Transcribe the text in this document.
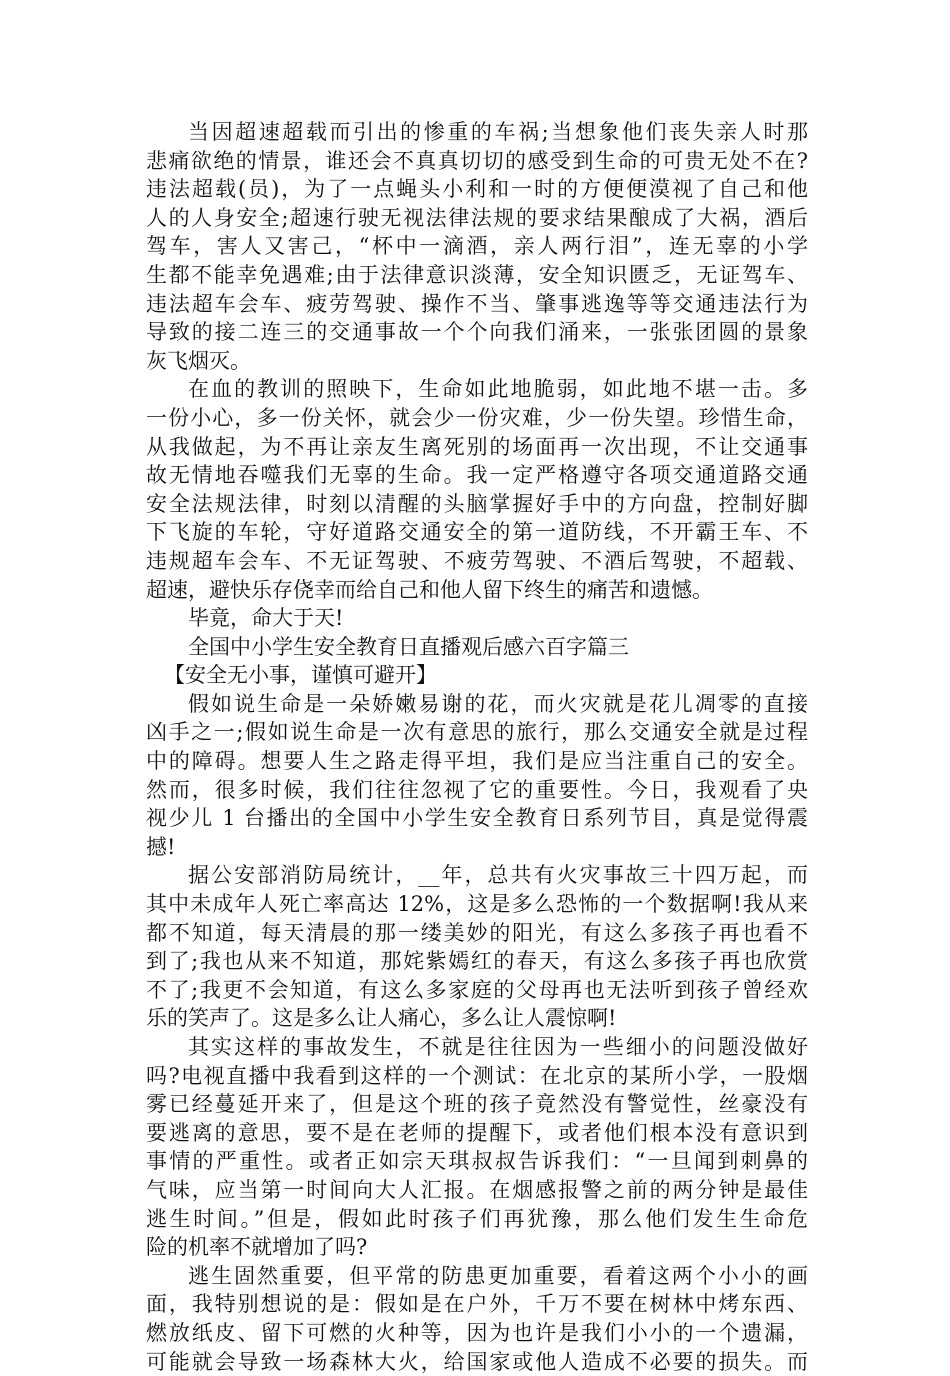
当因超速超载而引出的惨重的车祸;当想象他们丧失亲人时那
悲痛欲绝的情景，谁还会不真真切切的感受到生命的可贵无处不在?
违法超载(员)，为了一点蝇头小利和一时的方便便漠视了自己和他
人的人身安全;超速行驶无视法律法规的要求结果酿成了大祸，酒后
驾车，害人又害己，“杯中一滴酒，亲人两行泪”，连无辜的小学
生都不能幸免遇难;由于法律意识淡薄，安全知识匮乏，无证驾车、
违法超车会车、疲劳驾驶、操作不当、肇事逃逸等等交通违法行为
导致的接二连三的交通事故一个个向我们涌来，一张张团圆的景象
灰飞烟灭。
在血的教训的照映下，生命如此地脆弱，如此地不堪一击。多
一份小心，多一份关怀，就会少一份灾难，少一份失望。珍惜生命，
从我做起，为不再让亲友生离死别的场面再一次出现，不让交通事
故无情地吞噬我们无辜的生命。我一定严格遵守各项交通道路交通
安全法规法律，时刻以清醒的头脑掌握好手中的方向盘，控制好脚
下飞旋的车轮，守好道路交通安全的第一道防线，不开霸王车、不
违规超车会车、不无证驾驶、不疲劳驾驶、不酒后驾驶，不超载、
超速，避快乐存侥幸而给自己和他人留下终生的痛苦和遗憾。
毕竟，命大于天!
全国中小学生安全教育日直播观后感六百字篇三
【安全无小事，谨慎可避开】
假如说生命是一朵娇嫩易谢的花，而火灾就是花儿凋零的直接
凶手之一;假如说生命是一次有意思的旅行，那么交通安全就是过程
中的障碍。想要人生之路走得平坦，我们是应当注重自己的安全。
然而，很多时候，我们往往忽视了它的重要性。今日，我观看了央
视少儿 1 台播出的全国中小学生安全教育日系列节目，真是觉得震
撼!
据公安部消防局统计，__年，总共有火灾事故三十四万起，而
其中未成年人死亡率高达 12%，这是多么恐怖的一个数据啊!我从来
都不知道，每天清晨的那一缕美妙的阳光，有这么多孩子再也看不
到了;我也从来不知道，那姹紫嫣红的春天，有这么多孩子再也欣赏
不了;我更不会知道，有这么多家庭的父母再也无法听到孩子曾经欢
乐的笑声了。这是多么让人痛心，多么让人震惊啊!
其实这样的事故发生，不就是往往因为一些细小的问题没做好
吗?电视直播中我看到这样的一个测试：在北京的某所小学，一股烟
雾已经蔓延开来了，但是这个班的孩子竟然没有警觉性，丝豪没有
要逃离的意思，要不是在老师的提醒下，或者他们根本没有意识到
事情的严重性。或者正如宗天琪叔叔告诉我们：“一旦闻到刺鼻的
气味，应当第一时间向大人汇报。在烟感报警之前的两分钟是最佳
逃生时间。”但是，假如此时孩子们再犹豫，那么他们发生生命危
险的机率不就增加了吗?
逃生固然重要，但平常的防患更加重要，看着这两个小小的画
面，我特别想说的是：假如是在户外，千万不要在树林中烤东西、
燃放纸皮、留下可燃的火种等，因为也许是我们小小的一个遗漏，
可能就会导致一场森林大火，给国家或他人造成不必要的损失。而
